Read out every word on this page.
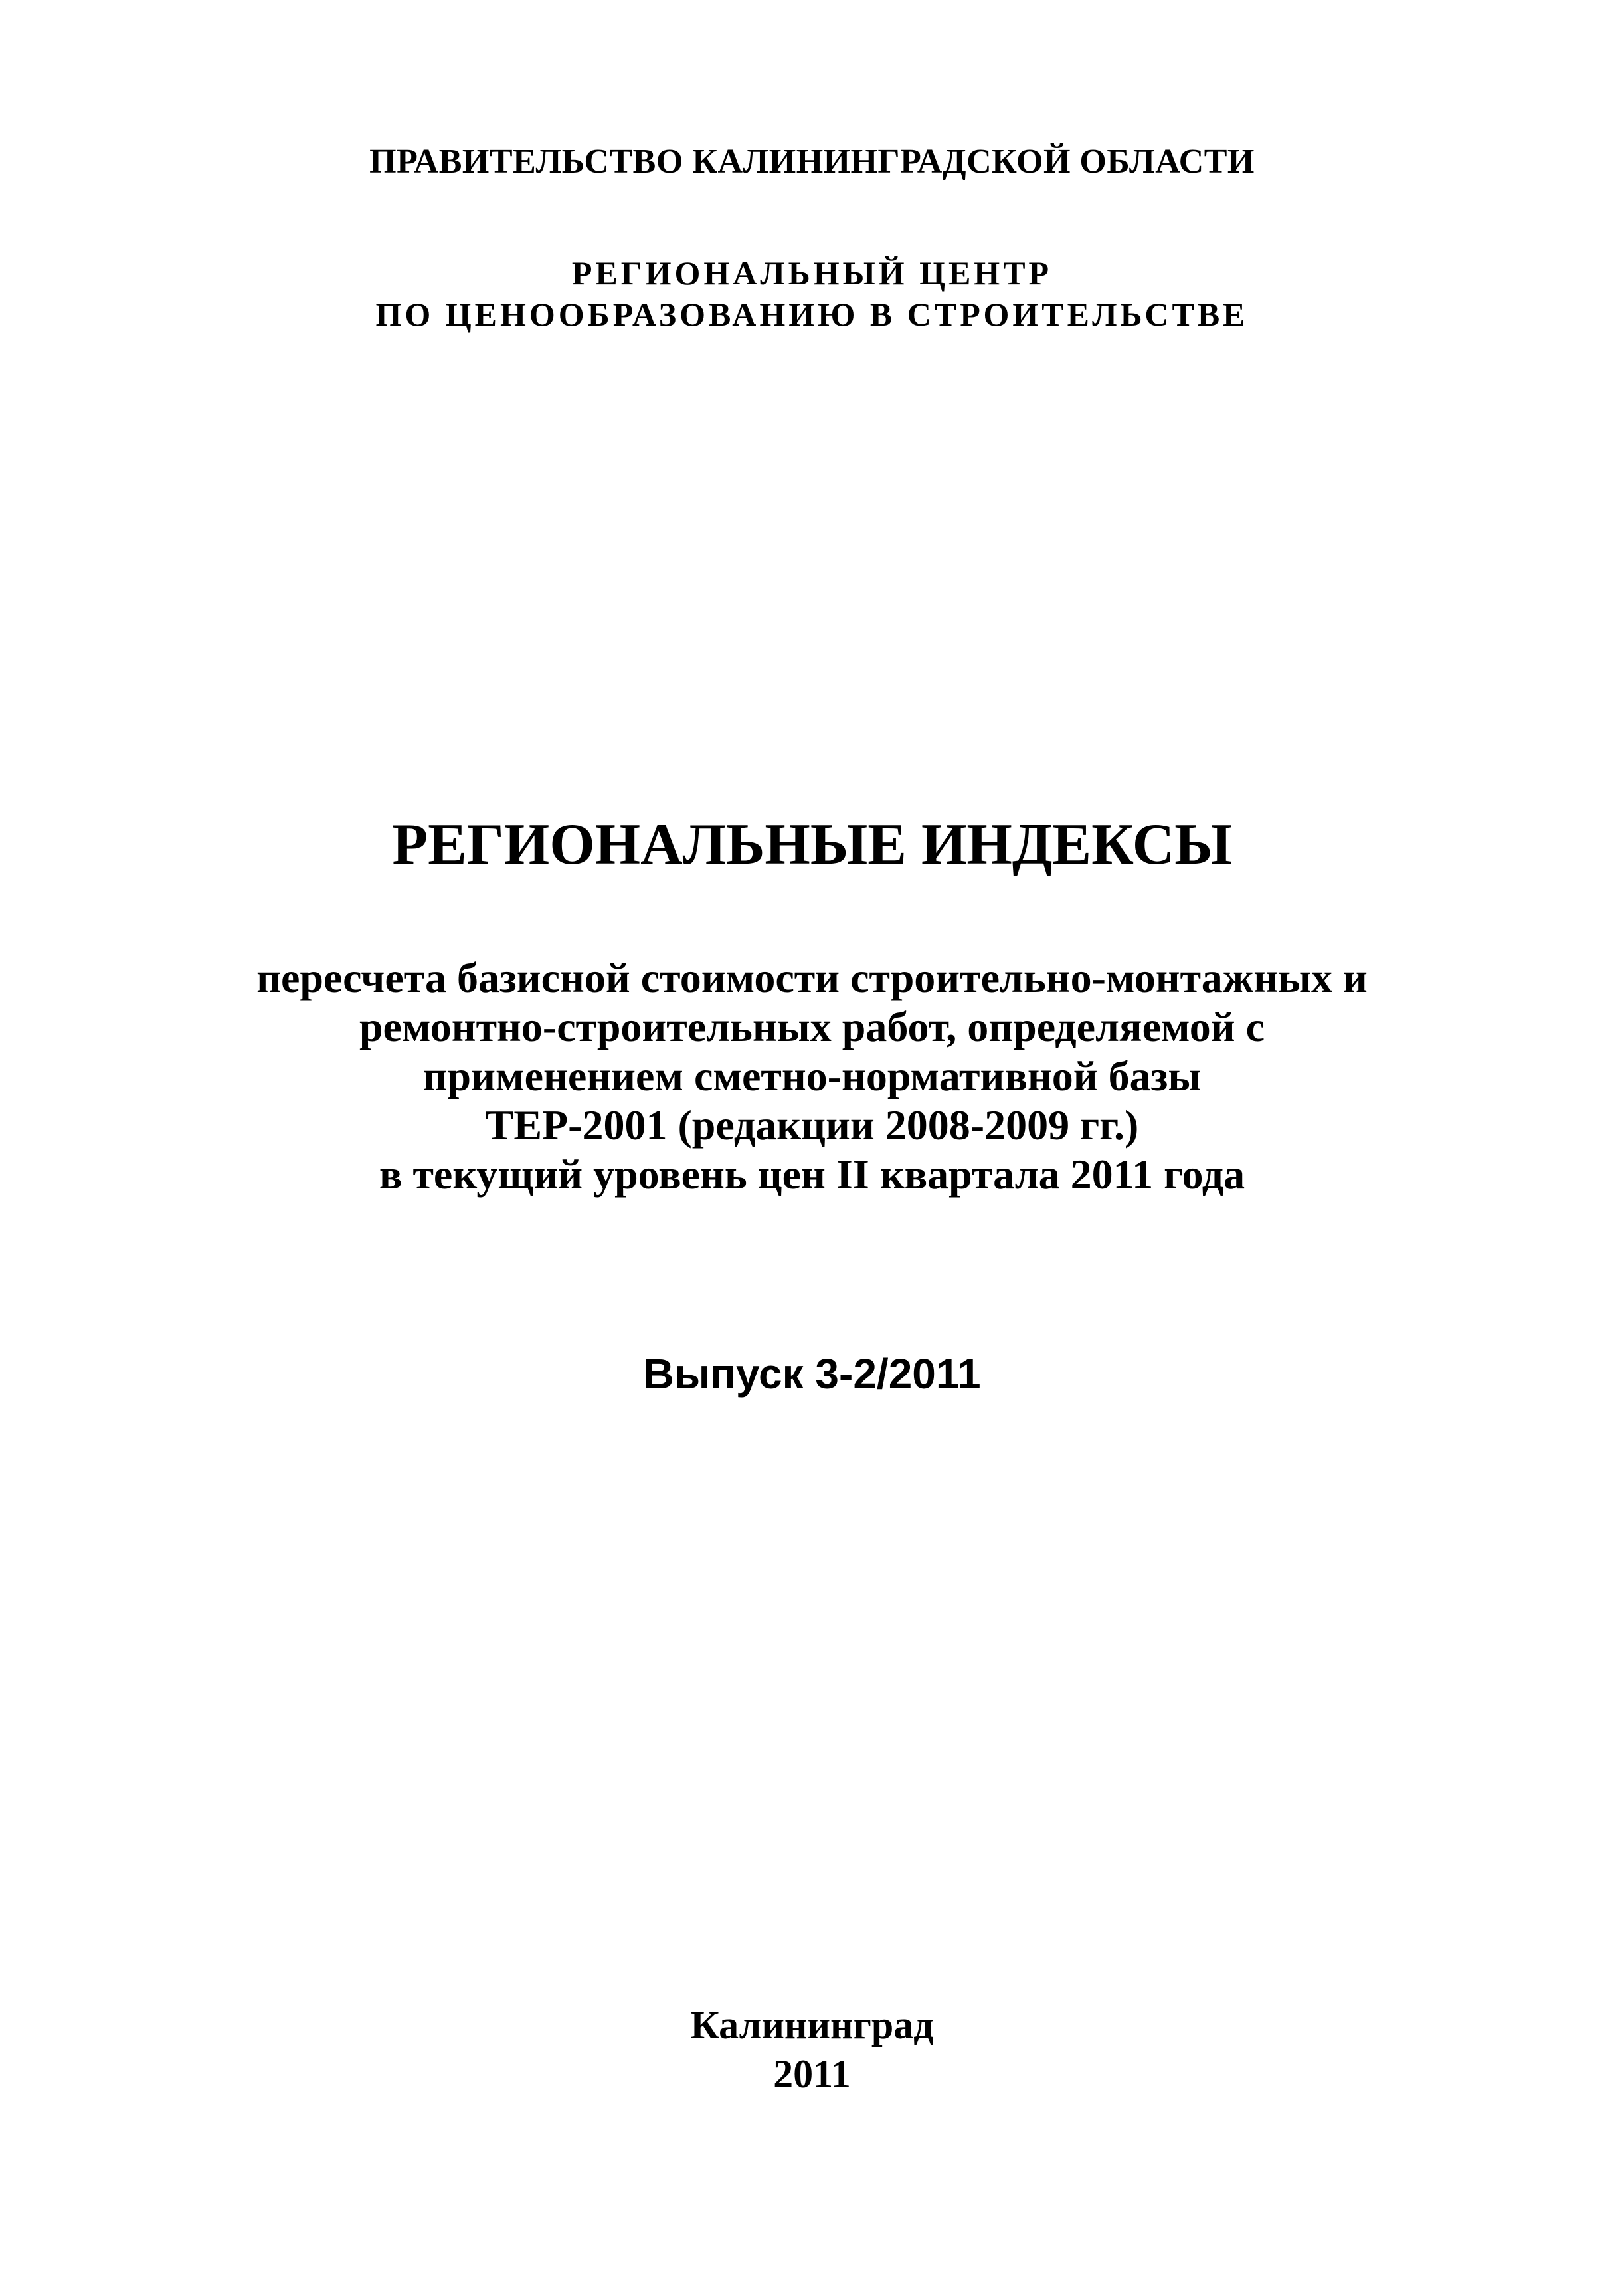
ПРАВИТЕЛЬСТВО КАЛИНИНГРАДСКОЙ ОБЛАСТИ
РЕГИОНАЛЬНЫЙ ЦЕНТР
ПО ЦЕНООБРАЗОВАНИЮ В СТРОИТЕЛЬСТВЕ
РЕГИОНАЛЬНЫЕ ИНДЕКСЫ
пересчета базисной стоимости строительно-монтажных и
ремонтно-строительных работ, определяемой с
применением сметно-нормативной базы
ТЕР-2001 (редакции 2008-2009 гг.)
в текущий уровень цен II квартала 2011 года
Выпуск 3-2/2011
Калининград
2011
